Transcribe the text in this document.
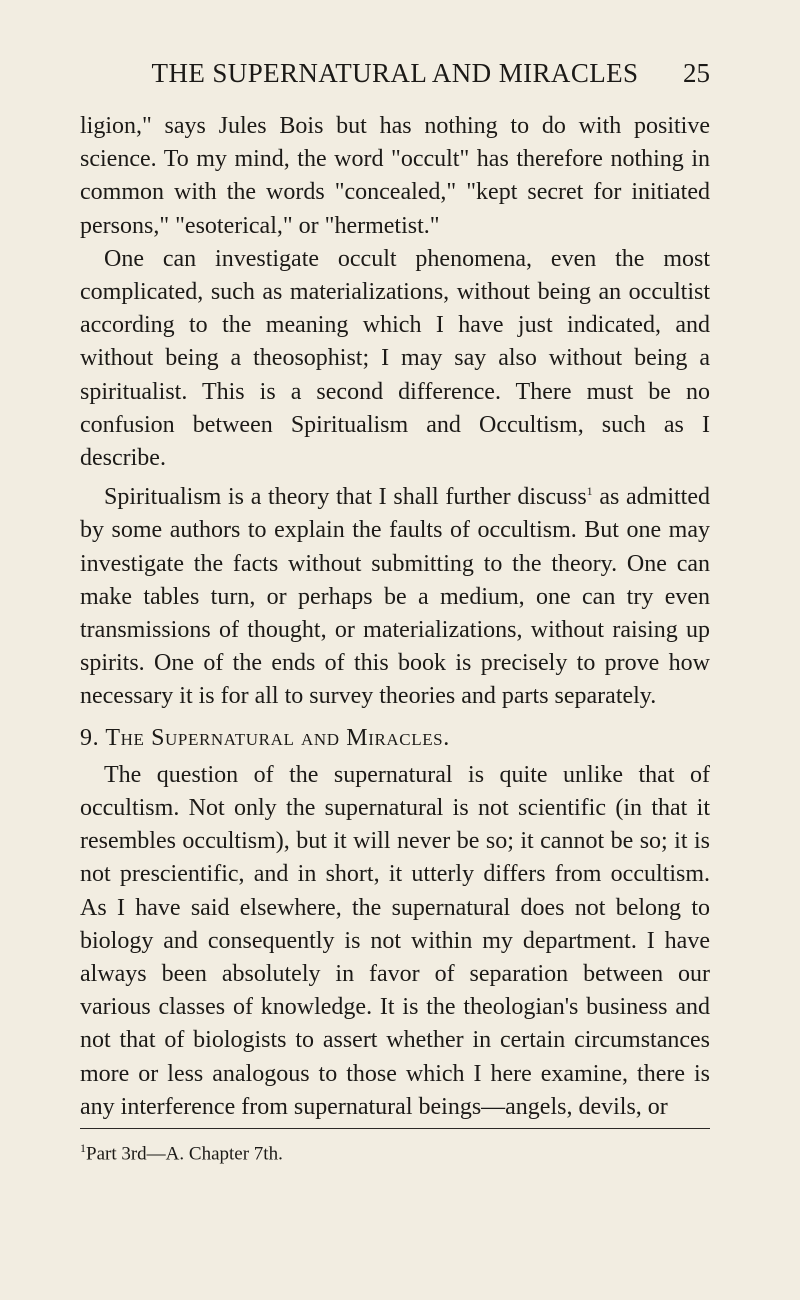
THE SUPERNATURAL AND MIRACLES	25

ligion," says Jules Bois but has nothing to do with positive science. To my mind, the word "occult" has therefore nothing in common with the words "concealed," "kept secret for initiated persons," "esoterical," or "hermetist."

One can investigate occult phenomena, even the most complicated, such as materializations, without being an occultist according to the meaning which I have just indicated, and without being a theosophist; I may say also without being a spiritualist. This is a second difference. There must be no confusion between Spiritualism and Occultism, such as I describe.

Spiritualism is a theory that I shall further discuss$^1$ as admitted by some authors to explain the faults of occultism. But one may investigate the facts without submitting to the theory. One can make tables turn, or perhaps be a medium, one can try even transmissions of thought, or materializations, without raising up spirits. One of the ends of this book is precisely to prove how necessary it is for all to survey theories and parts separately.

9. The Supernatural and Miracles.

The question of the supernatural is quite unlike that of occultism. Not only the supernatural is not scientific (in that it resembles occultism), but it will never be so; it cannot be so; it is not prescientific, and in short, it utterly differs from occultism. As I have said elsewhere, the supernatural does not belong to biology and consequently is not within my department. I have always been absolutely in favor of separation between our various classes of knowledge. It is the theologian's business and not that of biologists to assert whether in certain circumstances more or less analogous to those which I here examine, there is any interference from supernatural beings—angels, devils, or

$^1$Part 3rd—A. Chapter 7th.
